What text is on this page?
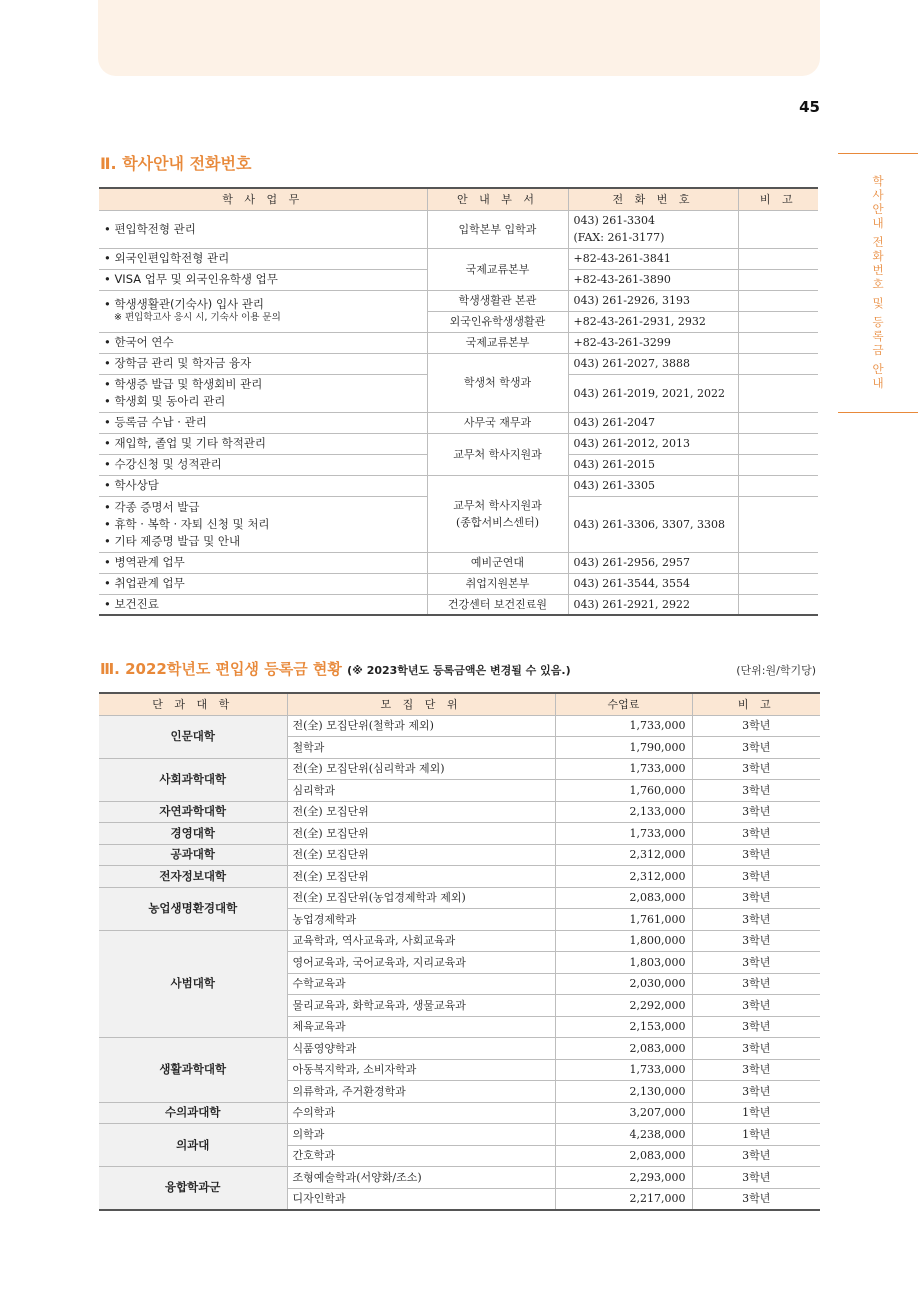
45
학
사
안
내
전
화
번
호
및
등
록
금
안
내
Ⅱ. 학사안내 전화번호
학 사 업 무	안 내 부 서	전 화 번 호	비 고
• 편입학전형 관리	입학본부 입학과	043) 261-3304
(FAX: 261-3177)	
• 외국인편입학전형 관리	국제교류본부	+82-43-261-3841	
• VISA 업무 및 외국인유학생 업무		+82-43-261-3890	
• 학생생활관(기숙사) 입사 관리
※ 편입학고사 응시 시, 기숙사 이용 문의	학생생활관 본관	043) 261-2926, 3193	
	외국인유학생생활관	+82-43-261-2931, 2932	
• 한국어 연수	국제교류본부	+82-43-261-3299	
• 장학금 관리 및 학자금 융자	학생처 학생과	043) 261-2027, 3888	
• 학생증 발급 및 학생회비 관리
• 학생회 및 동아리 관리		043) 261-2019, 2021, 2022	
• 등록금 수납 · 관리	사무국 재무과	043) 261-2047	
• 재입학, 졸업 및 기타 학적관리	교무처 학사지원과	043) 261-2012, 2013	
• 수강신청 및 성적관리		043) 261-2015	
• 학사상담	교무처 학사지원과
(종합서비스센터)	043) 261-3305	
• 각종 증명서 발급
• 휴학 · 복학 · 자퇴 신청 및 처리
• 기타 제증명 발급 및 안내		043) 261-3306, 3307, 3308	
• 병역관계 업무	예비군연대	043) 261-2956, 2957	
• 취업관계 업무	취업지원본부	043) 261-3544, 3554	
• 보건진료	건강센터 보건진료원	043) 261-2921, 2922	
Ⅲ. 2022학년도 편입생 등록금 현황 (※ 2023학년도 등록금액은 변경될 수 있음.)	(단위:원/학기당)
단 과 대 학	모 집 단 위	수업료	비 고
인문대학	전(全) 모집단위(철학과 제외)	1,733,000	3학년
	철학과	1,790,000	3학년
사회과학대학	전(全) 모집단위(심리학과 제외)	1,733,000	3학년
	심리학과	1,760,000	3학년
자연과학대학	전(全) 모집단위	2,133,000	3학년
경영대학	전(全) 모집단위	1,733,000	3학년
공과대학	전(全) 모집단위	2,312,000	3학년
전자정보대학	전(全) 모집단위	2,312,000	3학년
농업생명환경대학	전(全) 모집단위(농업경제학과 제외)	2,083,000	3학년
	농업경제학과	1,761,000	3학년
사범대학	교육학과, 역사교육과, 사회교육과	1,800,000	3학년
	영어교육과, 국어교육과, 지리교육과	1,803,000	3학년
	수학교육과	2,030,000	3학년
	물리교육과, 화학교육과, 생물교육과	2,292,000	3학년
	체육교육과	2,153,000	3학년
생활과학대학	식품영양학과	2,083,000	3학년
	아동복지학과, 소비자학과	1,733,000	3학년
	의류학과, 주거환경학과	2,130,000	3학년
수의과대학	수의학과	3,207,000	1학년
의과대	의학과	4,238,000	1학년
	간호학과	2,083,000	3학년
융합학과군	조형예술학과(서양화/조소)	2,293,000	3학년
	디자인학과	2,217,000	3학년
